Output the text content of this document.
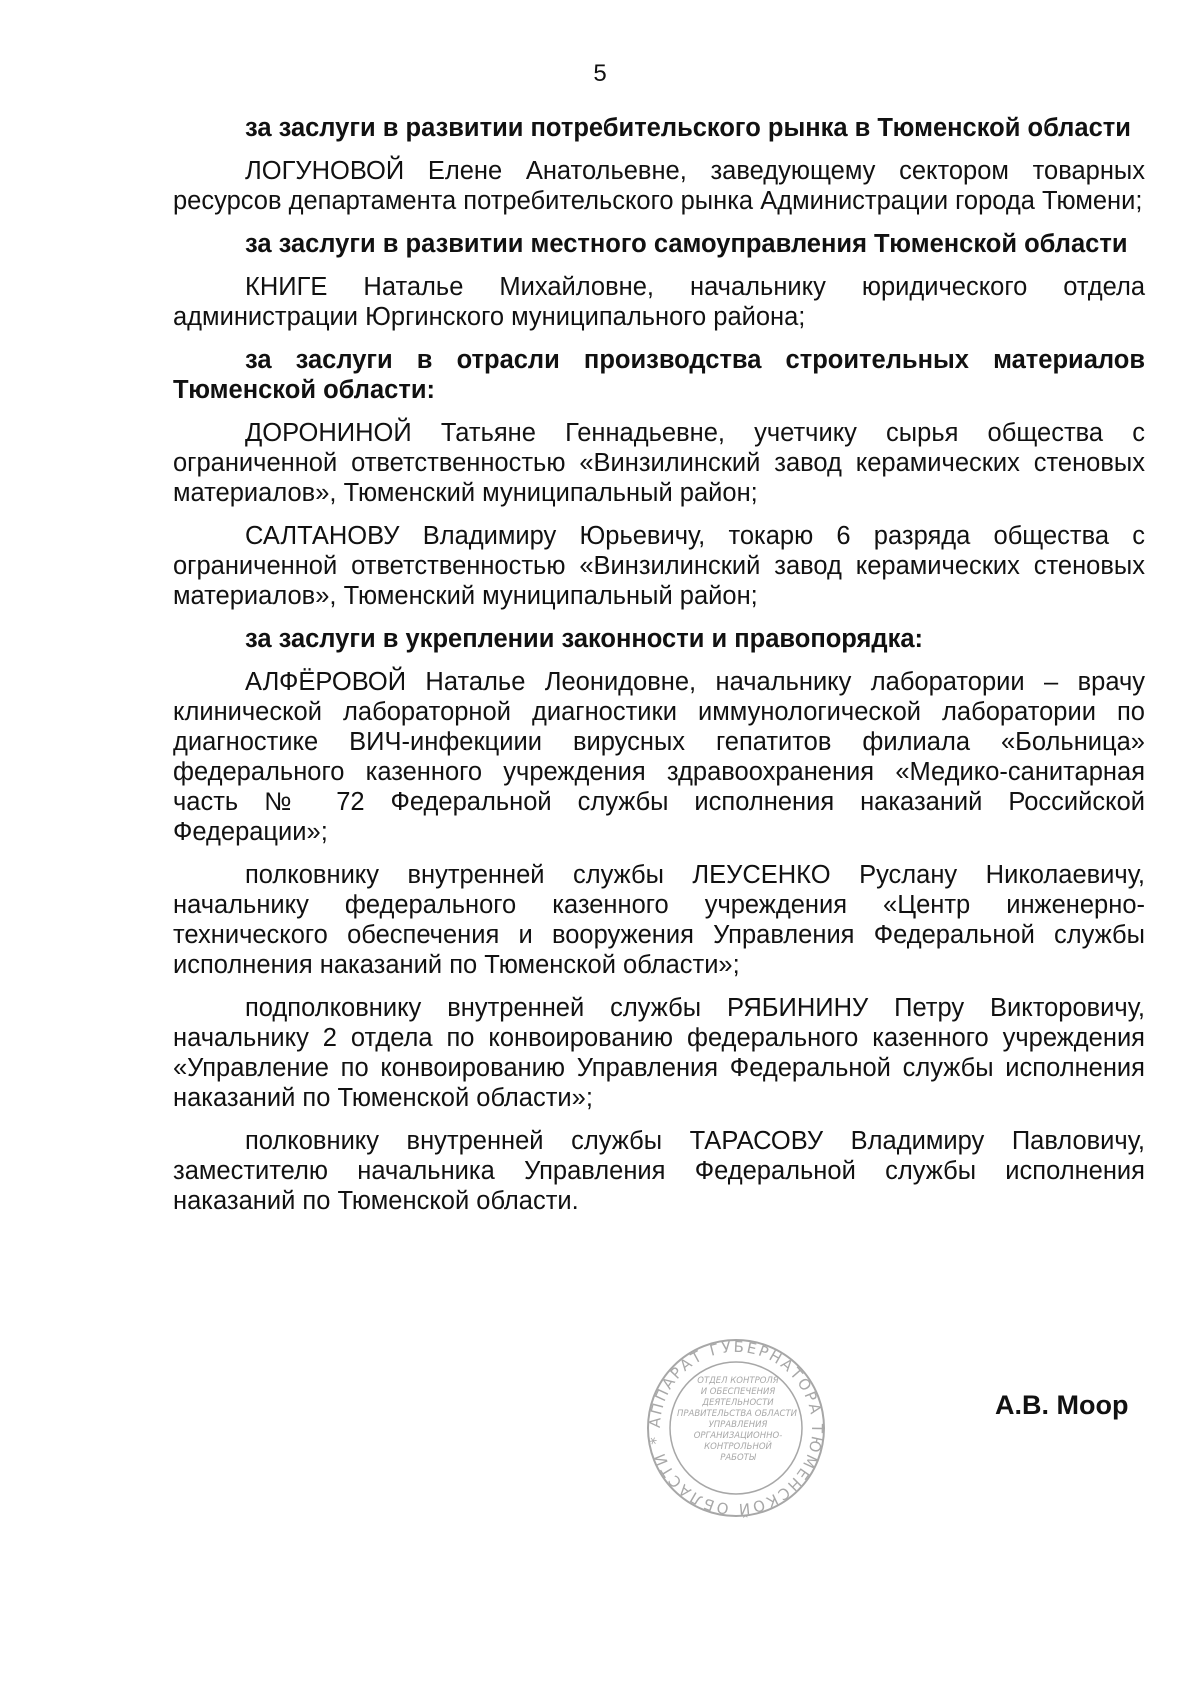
5
за заслуги в развитии потребительского рынка в Тюменской области
ЛОГУНОВОЙ Елене Анатольевне, заведующему сектором товарных ресурсов департамента потребительского рынка Администрации города Тюмени;
за заслуги в развитии местного самоуправления Тюменской области
КНИГЕ Наталье Михайловне, начальнику юридического отдела администрации Юргинского муниципального района;
за заслуги в отрасли производства строительных материалов Тюменской области:
ДОРОНИНОЙ Татьяне Геннадьевне, учетчику сырья общества с ограниченной ответственностью «Винзилинский завод керамических стеновых материалов», Тюменский муниципальный район;
САЛТАНОВУ Владимиру Юрьевичу, токарю 6 разряда общества с ограниченной ответственностью «Винзилинский завод керамических стеновых материалов», Тюменский муниципальный район;
за заслуги в укреплении законности и правопорядка:
АЛФЁРОВОЙ Наталье Леонидовне, начальнику лаборатории – врачу клинической лабораторной диагностики иммунологической лаборатории по диагностике ВИЧ-инфекциии вирусных гепатитов филиала «Больница» федерального казенного учреждения здравоохранения «Медико-санитарная часть № 72 Федеральной службы исполнения наказаний Российской Федерации»;
полковнику внутренней службы ЛЕУСЕНКО Руслану Николаевичу, начальнику федерального казенного учреждения «Центр инженерно-технического обеспечения и вооружения Управления Федеральной службы исполнения наказаний по Тюменской области»;
подполковнику внутренней службы РЯБИНИНУ Петру Викторовичу, начальнику 2 отдела по конвоированию федерального казенного учреждения «Управление по конвоированию Управления Федеральной службы исполнения наказаний по Тюменской области»;
полковнику внутренней службы ТАРАСОВУ Владимиру Павловичу, заместителю начальника Управления Федеральной службы исполнения наказаний по Тюменской области.
АППАРАТ ГУБЕРНАТОРА ТЮМЕНСКОЙ ОБЛАСТИ *
ОТДЕЛ КОНТРОЛЯ
И ОБЕСПЕЧЕНИЯ
ДЕЯТЕЛЬНОСТИ
ПРАВИТЕЛЬСТВА ОБЛАСТИ
УПРАВЛЕНИЯ
ОРГАНИЗАЦИОННО-
КОНТРОЛЬНОЙ
РАБОТЫ
А.В. Моор
